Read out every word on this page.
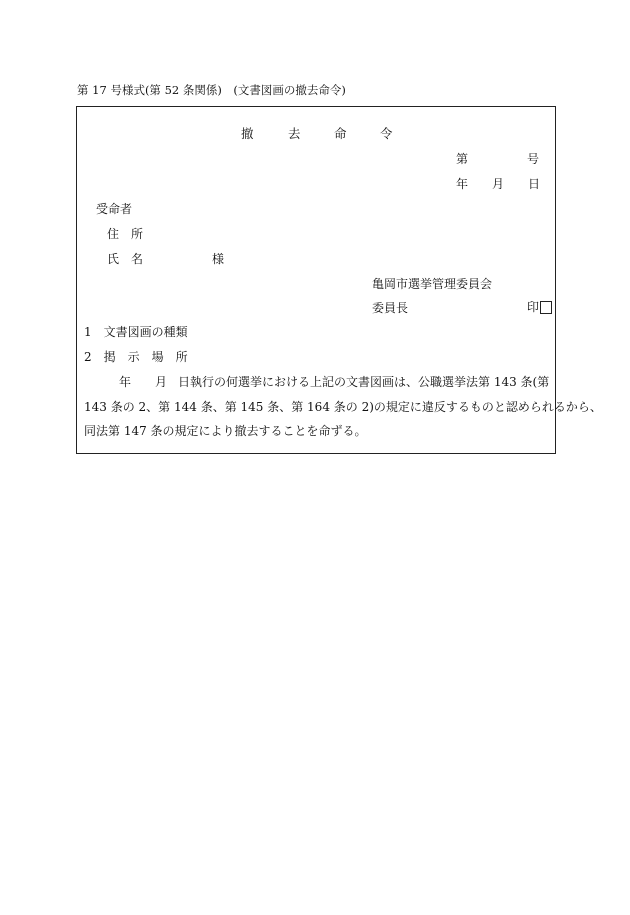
第 17 号様式(第 52 条関係)　(文書図画の撤去命令)
撤	去	命	令
第	号
年 月 日
受命者
住　所
氏　名	様
亀岡市選挙管理委員会
委員長	印
1　文書図画の種類
2　掲　示　場　所
年 月 日執行の何選挙における上記の文書図画は、公職選挙法第 143 条(第
143 条の 2、第 144 条、第 145 条、第 164 条の 2)の規定に違反するものと認められるから、
同法第 147 条の規定により撤去することを命ずる。
